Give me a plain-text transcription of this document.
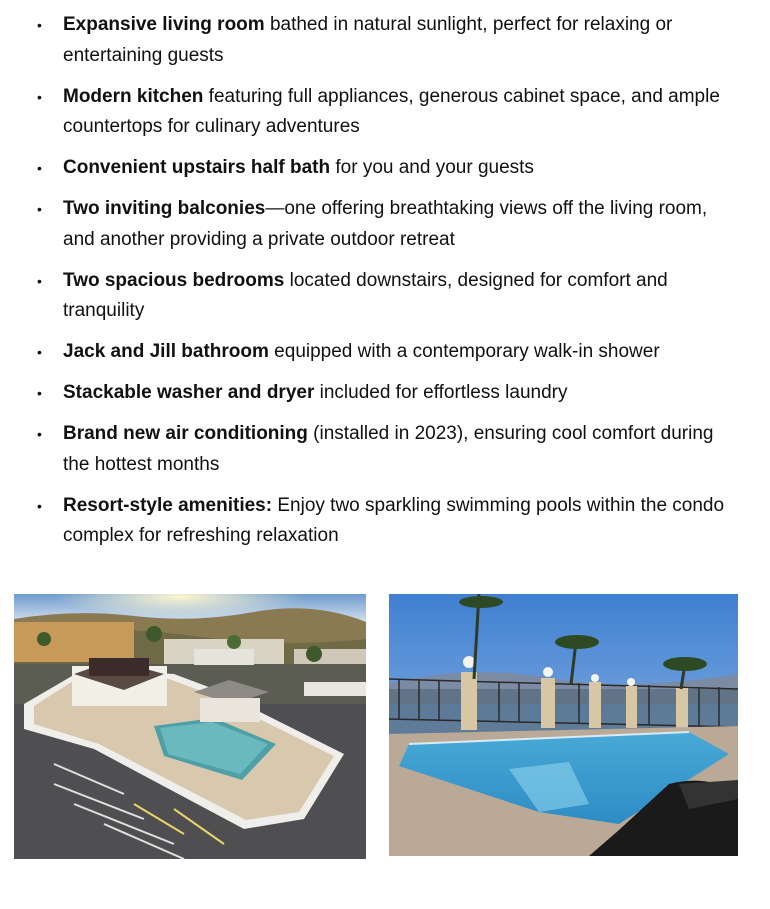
• Expansive living room bathed in natural sunlight, perfect for relaxing or entertaining guests
• Modern kitchen featuring full appliances, generous cabinet space, and ample countertops for culinary adventures
• Convenient upstairs half bath for you and your guests
• Two inviting balconies—one offering breathtaking views off the living room, and another providing a private outdoor retreat
• Two spacious bedrooms located downstairs, designed for comfort and tranquility
• Jack and Jill bathroom equipped with a contemporary walk-in shower
• Stackable washer and dryer included for effortless laundry
• Brand new air conditioning (installed in 2023), ensuring cool comfort during the hottest months
• Resort-style amenities: Enjoy two sparkling swimming pools within the condo complex for refreshing relaxation
